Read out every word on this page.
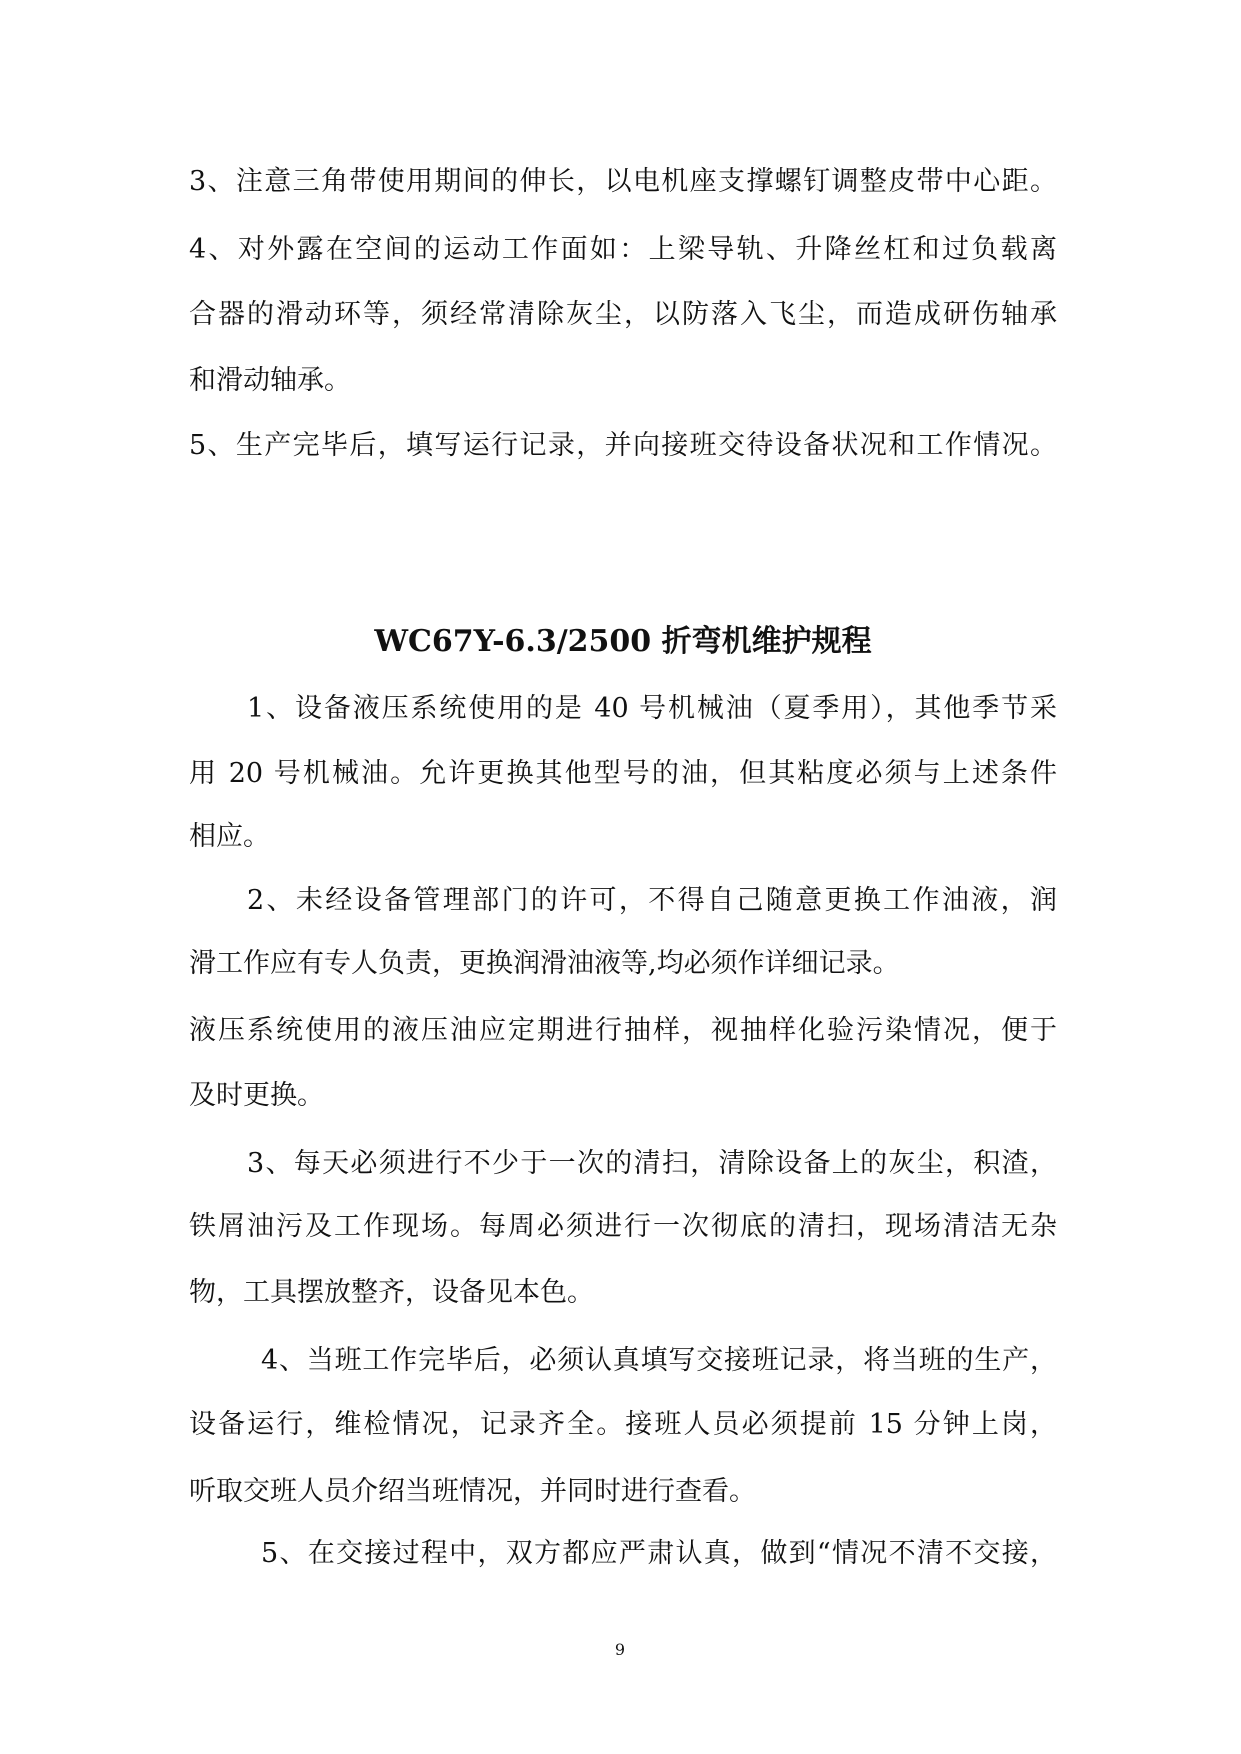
3、注意三角带使用期间的伸长，以电机座支撑螺钉调整皮带中心距。
4、对外露在空间的运动工作面如：上梁导轨、升降丝杠和过负载离
合器的滑动环等，须经常清除灰尘，以防落入飞尘，而造成研伤轴承
和滑动轴承。
5、生产完毕后，填写运行记录，并向接班交待设备状况和工作情况。
WC67Y-6.3/2500 折弯机维护规程
1、设备液压系统使用的是 40 号机械油（夏季用），其他季节采
用 20 号机械油。允许更换其他型号的油，但其粘度必须与上述条件
相应。
2、未经设备管理部门的许可，不得自己随意更换工作油液，润
滑工作应有专人负责，更换润滑油液等,均必须作详细记录。
液压系统使用的液压油应定期进行抽样，视抽样化验污染情况，便于
及时更换。
3、每天必须进行不少于一次的清扫，清除设备上的灰尘，积渣，
铁屑油污及工作现场。每周必须进行一次彻底的清扫，现场清洁无杂
物，工具摆放整齐，设备见本色。
4、当班工作完毕后，必须认真填写交接班记录，将当班的生产，
设备运行，维检情况，记录齐全。接班人员必须提前 15 分钟上岗，
听取交班人员介绍当班情况，并同时进行查看。
5、在交接过程中，双方都应严肃认真，做到“情况不清不交接，
9
